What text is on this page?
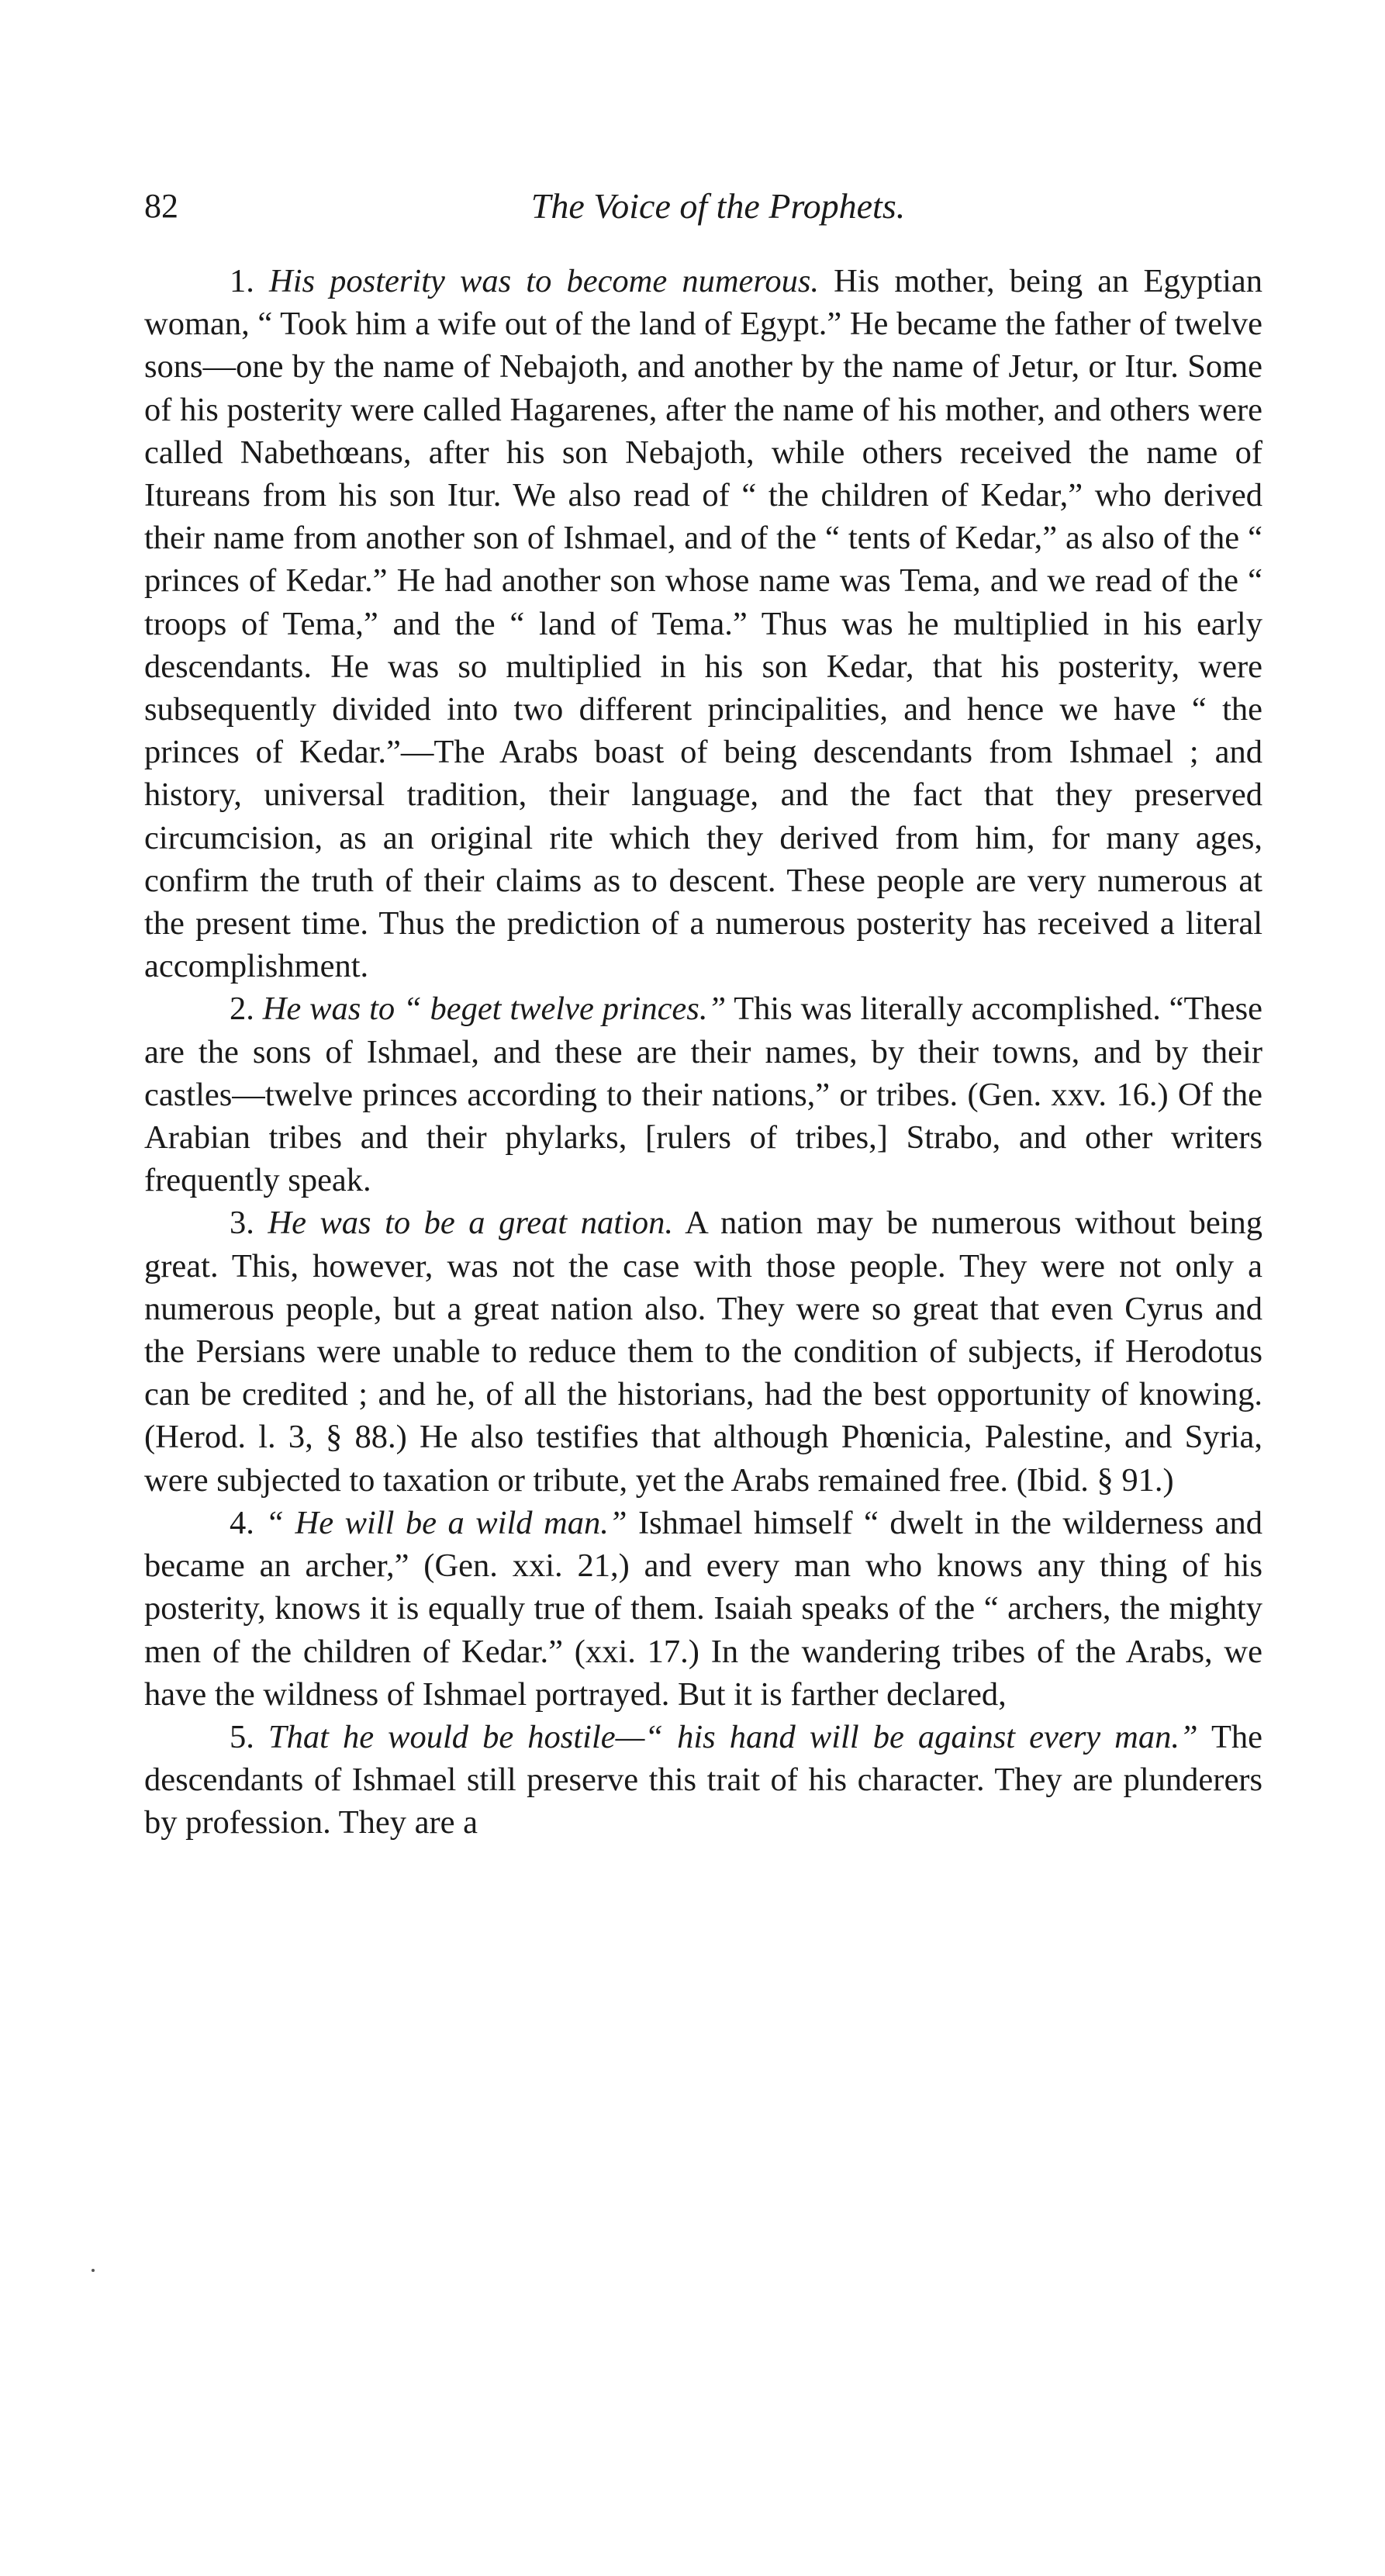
82	The Voice of the Prophets.

1. His posterity was to become numerous. His mother, being an Egyptian woman, “ Took him a wife out of the land of Egypt.” He became the father of twelve sons—one by the name of Nebajoth, and another by the name of Jetur, or Itur. Some of his posterity were called Hagarenes, after the name of his mother, and others were called Nabethœans, after his son Nebajoth, while others received the name of Itureans from his son Itur. We also read of “ the children of Kedar,” who derived their name from another son of Ishmael, and of the “ tents of Kedar,” as also of the “ princes of Kedar.” He had another son whose name was Tema, and we read of the “ troops of Tema,” and the “ land of Tema.” Thus was he multiplied in his early descendants. He was so multiplied in his son Kedar, that his posterity, were subsequently divided into two different principalities, and hence we have “ the princes of Kedar.”—The Arabs boast of being descendants from Ishmael ; and history, universal tradition, their language, and the fact that they preserved circumcision, as an original rite which they derived from him, for many ages, confirm the truth of their claims as to descent. These people are very numerous at the present time. Thus the prediction of a numerous posterity has received a literal accomplishment.

2. He was to “ beget twelve princes.” This was literally accomplished. “These are the sons of Ishmael, and these are their names, by their towns, and by their castles—twelve princes according to their nations,” or tribes. (Gen. xxv. 16.) Of the Arabian tribes and their phylarks, [rulers of tribes,] Strabo, and other writers frequently speak.

3. He was to be a great nation. A nation may be numerous without being great. This, however, was not the case with those people. They were not only a numerous people, but a great nation also. They were so great that even Cyrus and the Persians were unable to reduce them to the condition of subjects, if Herodotus can be credited ; and he, of all the historians, had the best opportunity of knowing. (Herod. l. 3, § 88.) He also testifies that although Phœnicia, Palestine, and Syria, were subjected to taxation or tribute, yet the Arabs remained free. (Ibid. § 91.)

4. “ He will be a wild man.” Ishmael himself “ dwelt in the wilderness and became an archer,” (Gen. xxi. 21,) and every man who knows any thing of his posterity, knows it is equally true of them. Isaiah speaks of the “ archers, the mighty men of the children of Kedar.” (xxi. 17.) In the wandering tribes of the Arabs, we have the wildness of Ishmael portrayed. But it is farther declared,

5. That he would be hostile—“ his hand will be against every man.” The descendants of Ishmael still preserve this trait of his character. They are plunderers by profession. They are a
